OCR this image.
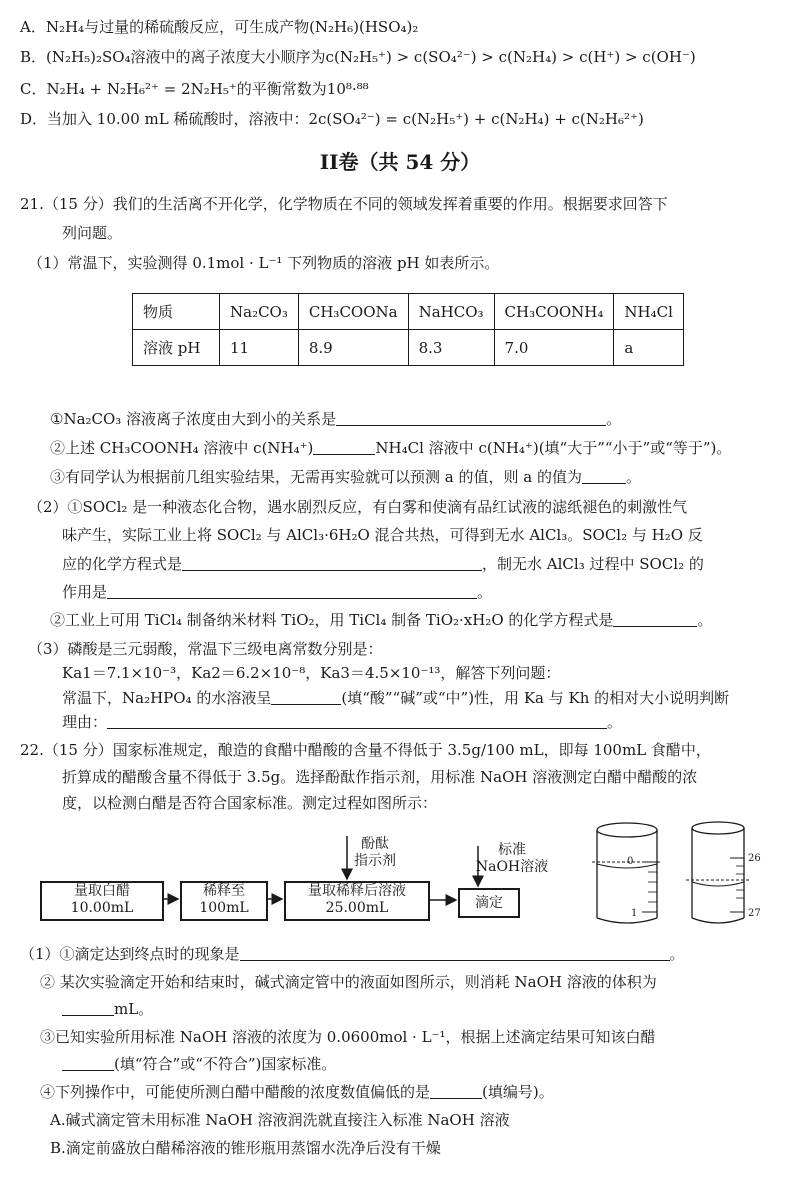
A．N₂H₄与过量的稀硫酸反应，可生成产物(N₂H₆)(HSO₄)₂
B．(N₂H₅)₂SO₄溶液中的离子浓度大小顺序为c(N₂H₅⁺) > c(SO₄²⁻) > c(N₂H₄) > c(H⁺) > c(OH⁻)
C．N₂H₄ + N₂H₆²⁺ = 2N₂H₅⁺的平衡常数为10⁸·⁸⁸
D．当加入 10.00 mL 稀硫酸时，溶液中：2c(SO₄²⁻) = c(N₂H₅⁺) + c(N₂H₄) + c(N₂H₆²⁺)
II卷（共 54 分）
21.（15 分）我们的生活离不开化学，化学物质在不同的领域发挥着重要的作用。根据要求回答下
列问题。
（1）常温下，实验测得 0.1mol · L⁻¹ 下列物质的溶液 pH 如表所示。
物质	Na₂CO₃	CH₃COONa	NaHCO₃	CH₃COONH₄	NH₄Cl
溶液 pH	11	8.9	8.3	7.0	a
①Na₂CO₃ 溶液离子浓度由大到小的关系是	。
②上述 CH₃COONH₄ 溶液中 c(NH₄⁺)	NH₄Cl 溶液中 c(NH₄⁺)(填“大于”“小于”或“等于”)。
③有同学认为根据前几组实验结果，无需再实验就可以预测 a 的值，则 a 的值为	。
（2）①SOCl₂ 是一种液态化合物，遇水剧烈反应，有白雾和使滴有品红试液的滤纸褪色的刺激性气
味产生，实际工业上将 SOCl₂ 与 AlCl₃·6H₂O 混合共热，可得到无水 AlCl₃。SOCl₂ 与 H₂O 反
应的化学方程式是	，制无水 AlCl₃ 过程中 SOCl₂ 的
作用是	。
②工业上可用 TiCl₄ 制备纳米材料 TiO₂，用 TiCl₄ 制备 TiO₂·xH₂O 的化学方程式是	。
（3）磷酸是三元弱酸，常温下三级电离常数分别是：
Ka1＝7.1×10⁻³，Ka2＝6.2×10⁻⁸，Ka3＝4.5×10⁻¹³，解答下列问题：
常温下，Na₂HPO₄ 的水溶液呈	(填“酸”“碱”或“中”)性，用 Ka 与 Kh 的相对大小说明判断
理由：	。
22.（15 分）国家标准规定，酿造的食醋中醋酸的含量不得低于 3.5g/100 mL，即每 100mL 食醋中，
折算成的醋酸含量不得低于 3.5g。选择酚酞作指示剂，用标准 NaOH 溶液测定白醋中醋酸的浓
度，以检测白醋是否符合国家标准。测定过程如图所示：
量取白醋
10.00mL
稀释至
100mL
量取稀释后溶液
25.00mL	滴定
酚酞
指示剂
标准
NaOH溶液	0
1
26
27
（1）①滴定达到终点时的现象是	。
② 某次实验滴定开始和结束时，碱式滴定管中的液面如图所示，则消耗 NaOH 溶液的体积为
mL。
③已知实验所用标准 NaOH 溶液的浓度为 0.0600mol · L⁻¹，根据上述滴定结果可知该白醋
(填“符合”或“不符合”)国家标准。
④下列操作中，可能使所测白醋中醋酸的浓度数值偏低的是	(填编号)。
A.碱式滴定管未用标准 NaOH 溶液润洗就直接注入标准 NaOH 溶液
B.滴定前盛放白醋稀溶液的锥形瓶用蒸馏水洗净后没有干燥
